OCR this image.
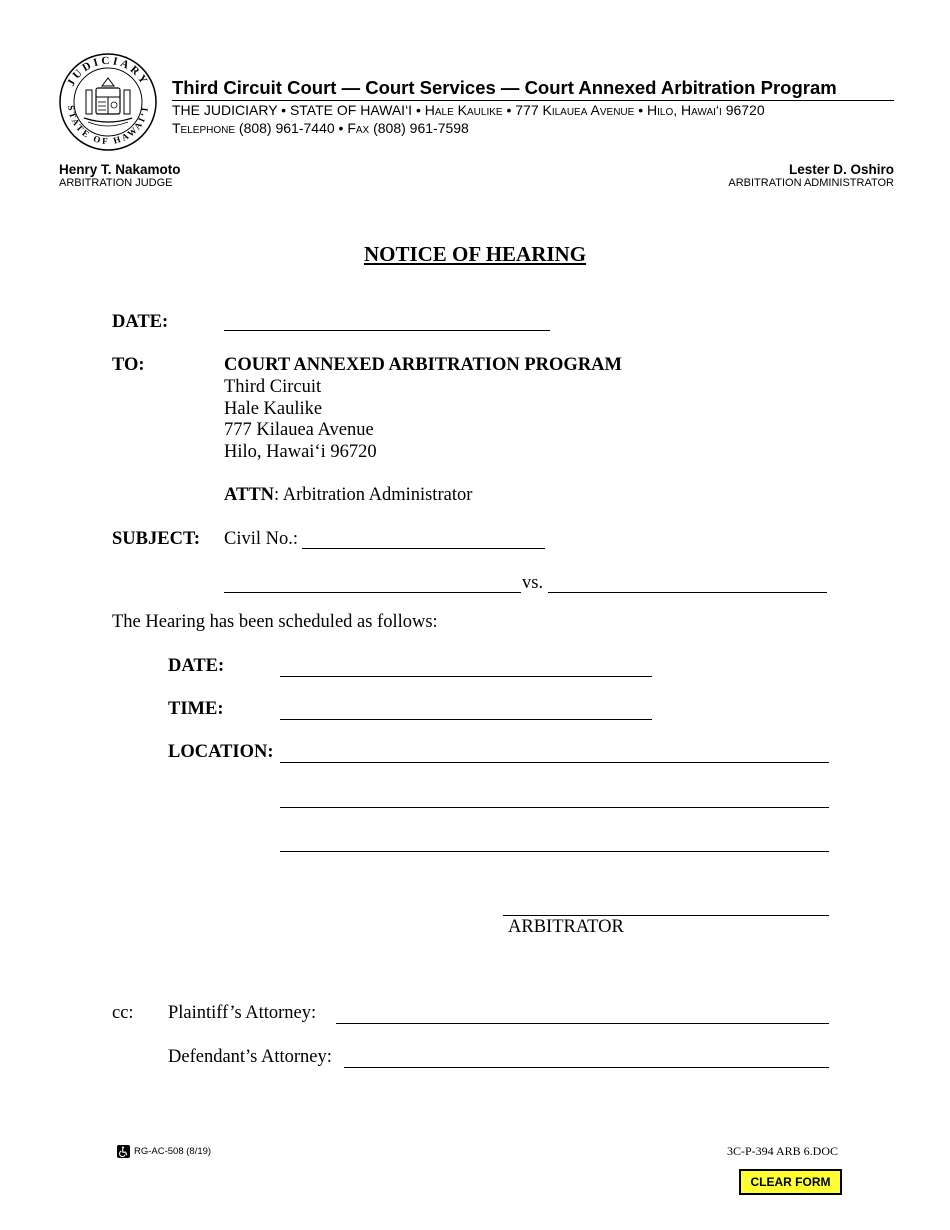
JUDICIARY
STATE OF HAWAI‘I
Third Circuit Court — Court Services — Court Annexed Arbitration Program
THE JUDICIARY • STATE OF HAWAI‘I • Hale Kaulike • 777 Kilauea Avenue • Hilo, Hawai‘i 96720
Telephone (808) 961-7440 • Fax (808) 961-7598
Henry T. Nakamoto
ARBITRATION JUDGE
Lester D. Oshiro
ARBITRATION ADMINISTRATOR
NOTICE OF HEARING
DATE:
TO:	COURT ANNEXED ARBITRATION PROGRAM
Third Circuit
Hale Kaulike
777 Kilauea Avenue
Hilo, Hawai‘i 96720
ATTN: Arbitration Administrator
SUBJECT: Civil No.:
vs.
The Hearing has been scheduled as follows:
DATE:
TIME:
LOCATION:
ARBITRATOR
cc: Plaintiff’s Attorney:
Defendant’s Attorney:
RG-AC-508 (8/19)	3C-P-394 ARB 6.DOC
CLEAR FORM
